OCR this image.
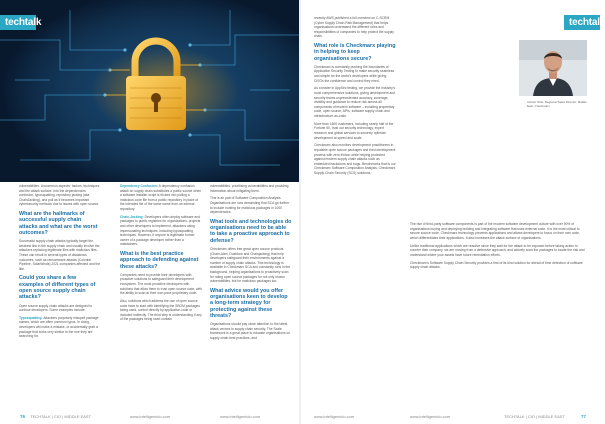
techtalk	techtalk

vulnerabilities. Uncommon aspects: factors, techniques and the attack surface. Into the dependencies confusion, typosquatting, repository jacking (aka ChainJacking), and pull as it becomes important cybersecurity methods due to issues with open source.

What are the hallmarks of successful supply chain attacks and what are the worst outcomes?

Successful supply chain attacks typically target the weakest link in the supply chain and usually involve the attackers replacing legitimate files with malicious files. These can result in several types of disastrous outcomes, such as ransomware attacks (Colonial Pipeline, SolarWinds) 2021 companies affected and the like.

Could you share a few examples of different types of open source supply chain attacks?

Open source supply chain attacks are designed to confuse developers. Some examples include:

Typosquatting: Attackers purposely misspell package names, which are often common typos. In doing, developers will make a mistake, or accidentally grab a package that looks very similar to the one they are searching for.

Dependency Confusion: A dependency confusion attack on supply chain substitutes a public source when a software installer script is tricked into pulling a malicious code file from a public repository in place of the intended file of the same name from an internal repository.

Chain-Jacking: Developers often deploy software and packages to public registries for organizations, projects and other developers to implement, attackers using impersonating techniques, including typosquatting techniques. However, if anyone is legitimate former owner of a package developer rather than a maintainers.

What is the best practice approach to defending against these attacks?

Companies need to provide their developers with proactive solutions to safeguard their development ecosystem. The most proactive developers with solutions that allow them to trust open source code, with the ability to scan at their own pace proprietary code.

Also, solutions which address the use of open source code have to start with identifying the SBOM packages being used, control directly by application code or included indirectly. The third step is understanding if any of the packages being used contain

vulnerabilities, prioritising vulnerabilities and providing information about mitigating them.

This is an part of Software Composition Analysis. Organisations are now demanding that SCA go further to include hunting for malicious packages in 1000 dependencies.

What tools and technologies do organisations need to be able to take a proactive approach to defense?

Checkmarx offers free great open source products (Chain-Alert, Dustilock and Chainjacking) that help developers safeguard their environments against a number of supply chain attacks. This technology is available in Checkmarx SCA and constantly runs in the background, helping organisations to proactively scan for rating open source packages for not only known vulnerabilities, but for malicious packages too.

What advice would you offer organisations keen to develop a long-term strategy for protecting against these threats?

Organisations should pay close attention to the latest attack vectors in supply chain security. The Scale framework is a great place to educate organisations on supply chain best practices, and

recently AWS published a full overview on C-SCRM (Cyber Supply Chain Risk Management) that helps organisations understand the different roles and responsibilities of companies to help protect the supply chain.

What role is Checkmarx playing in helping to keep organisations secure?

Checkmarx is constantly pushing the boundaries of Application Security Testing to make security seamless and simple for the world's developers while giving CISOs the confidence and control they need.

As a leader in AppSec testing, we provide the industry's most comprehensive solutions, giving development and security teams unprecedented accuracy, coverage, visibility and guidance to reduce risk across all components of modern software – including proprietary code, open source, APIs, software supply chain and infrastructure-as-code.

More than 1600 customers, including nearly half of the Fortune 50, trust our security technology, expert research and global services to securely optimize development at speed and scale.

Checkmarx also monitors development practitioners in reputable open source packages and third development process with zero friction while helping protected against modern supply chain attacks such as embedded backdoors and bugs. Benchmarks that is our Checkmarx Software Composition Analysis, Checkmarx Supply Chain Security (SCS) solutions.

Aviram Shai, Regional Sales Director, Middle East, Checkmarx

The rise of third-party software components is part of the modern software development culture with over 90% of organisations buying and deploying building and integrating software that uses external code. It is the most critical to secure source code. Checkmarx technology prevents applications and allows developers to focus on their own code, which differentiates their applications. It also increases the attack surface of organisations.

Unlike traditional applications which are reactive since they wait for the attack to be exposed before taking action to counter their company, we are moving from a defensive approach, and actively scan the packages to locate the risk and understand where your assets have future remediation efforts.

Checkmarx's Software Supply Chain Security provides a first of its kind solution for ahead of time detection of software supply chain attacks.

76 TECHTALK | CIO | MIDDLE EAST	www.intelligentcio.com	www.intelligentcio.com	www.intelligentcio.com	www.intelligentcio.com	TECHTALK | CIO | MIDDLE EAST	77
